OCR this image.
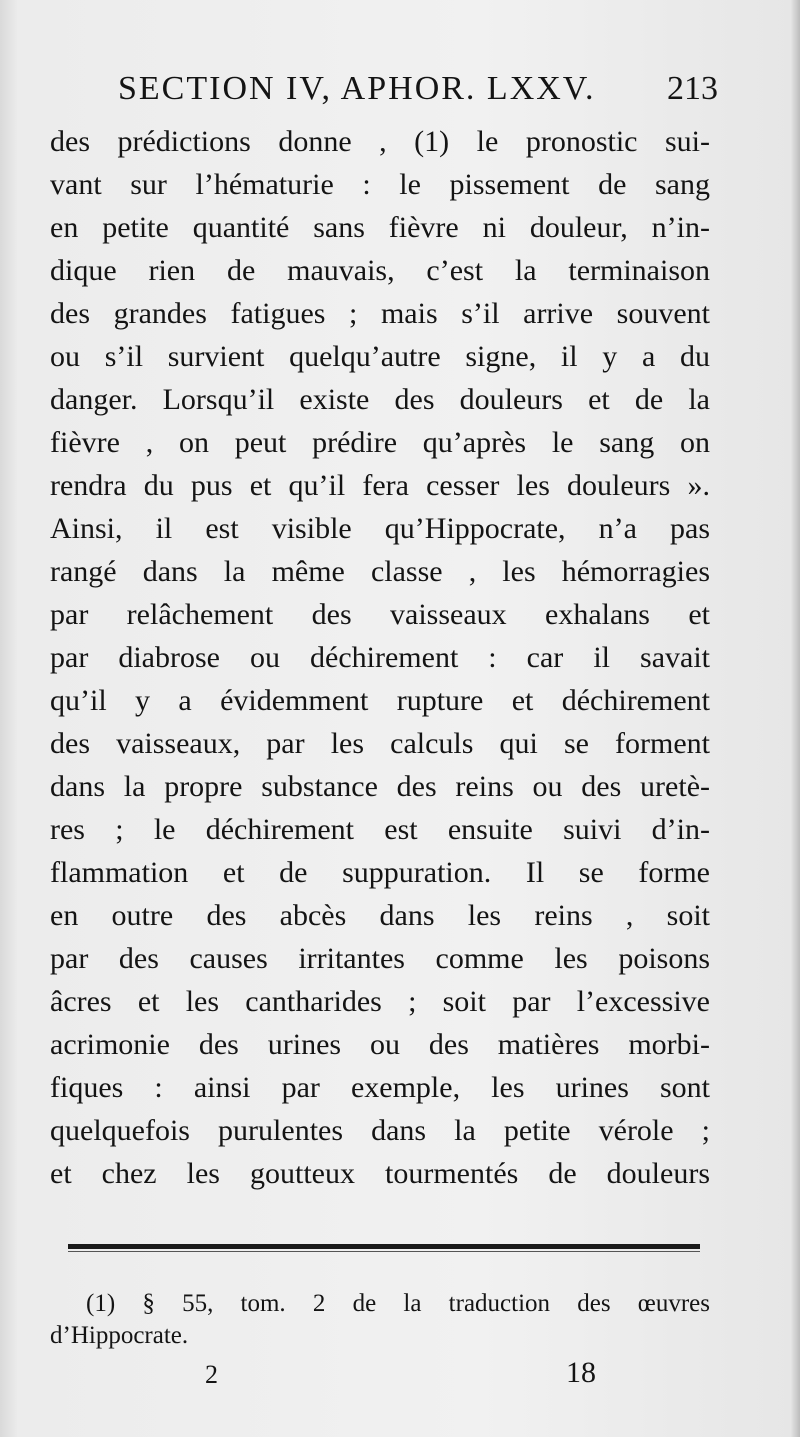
SECTION IV, APHOR. LXXV. 213
des prédictions donne , (1) le pronostic sui-
vant sur l’hématurie : le pissement de sang
en petite quantité sans fièvre ni douleur, n’in-
dique rien de mauvais, c’est la terminaison
des grandes fatigues ; mais s’il arrive souvent
ou s’il survient quelqu’autre signe, il y a du
danger. Lorsqu’il existe des douleurs et de la
fièvre , on peut prédire qu’après le sang on
rendra du pus et qu’il fera cesser les douleurs ».
Ainsi, il est visible qu’Hippocrate, n’a pas
rangé dans la même classe , les hémorragies
par relâchement des vaisseaux exhalans et
par diabrose ou déchirement : car il savait
qu’il y a évidemment rupture et déchirement
des vaisseaux, par les calculs qui se forment
dans la propre substance des reins ou des uretè-
res ; le déchirement est ensuite suivi d’in-
flammation et de suppuration. Il se forme
en outre des abcès dans les reins , soit
par des causes irritantes comme les poisons
âcres et les cantharides ; soit par l’excessive
acrimonie des urines ou des matières morbi-
fiques : ainsi par exemple, les urines sont
quelquefois purulentes dans la petite vérole ;
et chez les goutteux tourmentés de douleurs
(1) § 55, tom. 2 de la traduction des œuvres
d’Hippocrate.
2	18
